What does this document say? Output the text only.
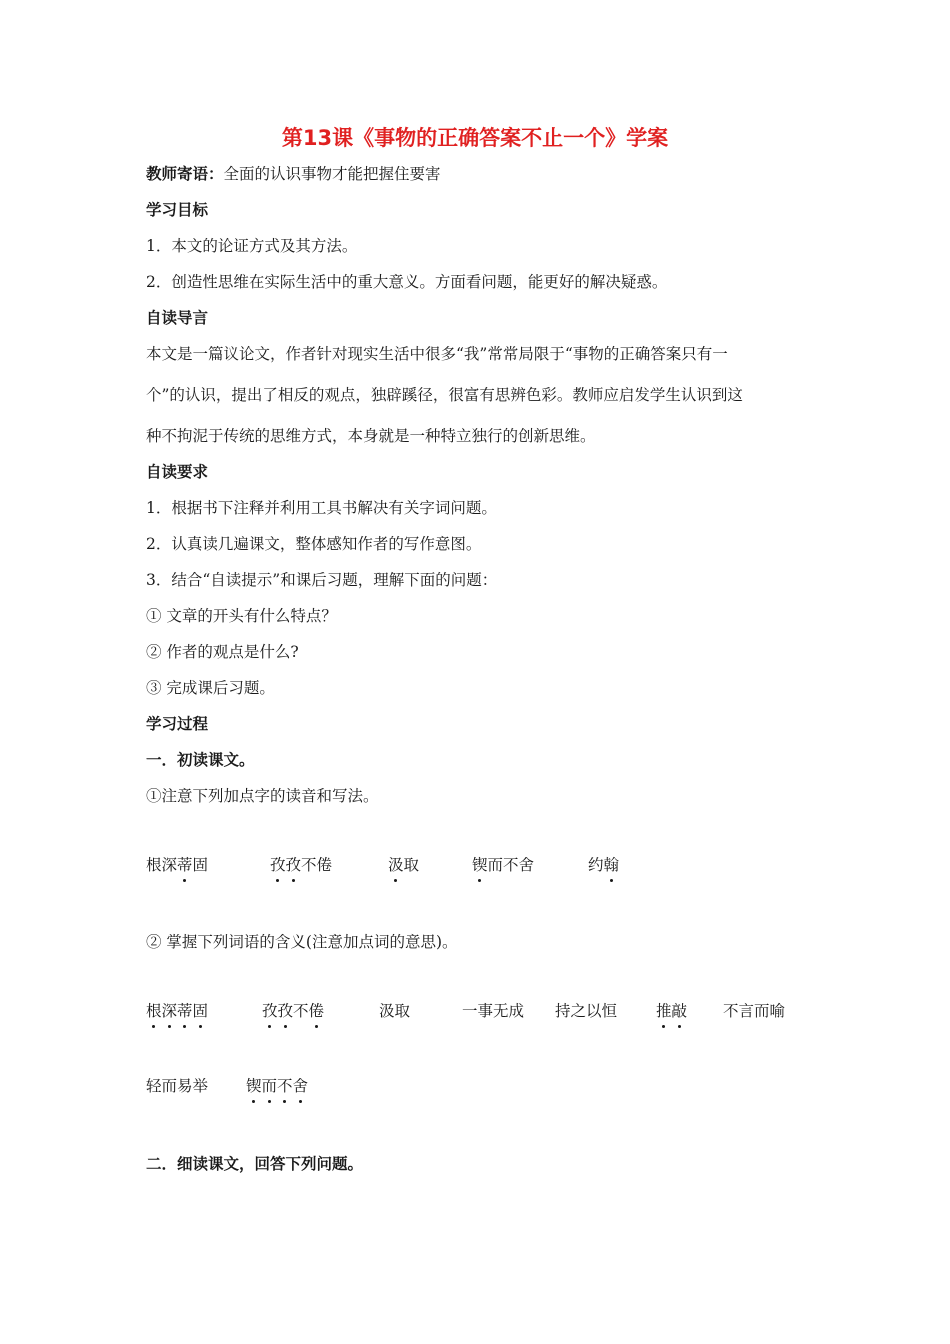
第13课《事物的正确答案不止一个》学案
教师寄语：全面的认识事物才能把握住要害
学习目标
1．本文的论证方式及其方法。
2．创造性思维在实际生活中的重大意义。方面看问题，能更好的解决疑惑。
自读导言
本文是一篇议论文，作者针对现实生活中很多“我”常常局限于“事物的正确答案只有一
个”的认识，提出了相反的观点，独辟蹊径，很富有思辨色彩。教师应启发学生认识到这
种不拘泥于传统的思维方式，本身就是一种特立独行的创新思维。
自读要求
1．根据书下注释并利用工具书解决有关字词问题。
2．认真读几遍课文，整体感知作者的写作意图。
3．结合“自读提示”和课后习题，理解下面的问题：
① 文章的开头有什么特点？
② 作者的观点是什么?
③ 完成课后习题。
学习过程
一．初读课文。
①注意下列加点字的读音和写法。
根深蒂固	孜孜不倦	汲取	锲而不舍	约翰
② 掌握下列词语的含义(注意加点词的意思)。
根深蒂固	孜孜不倦	汲取	一事无成 持之以恒	推敲 不言而喻
轻而易举 锲而不舍
二．细读课文，回答下列问题。
